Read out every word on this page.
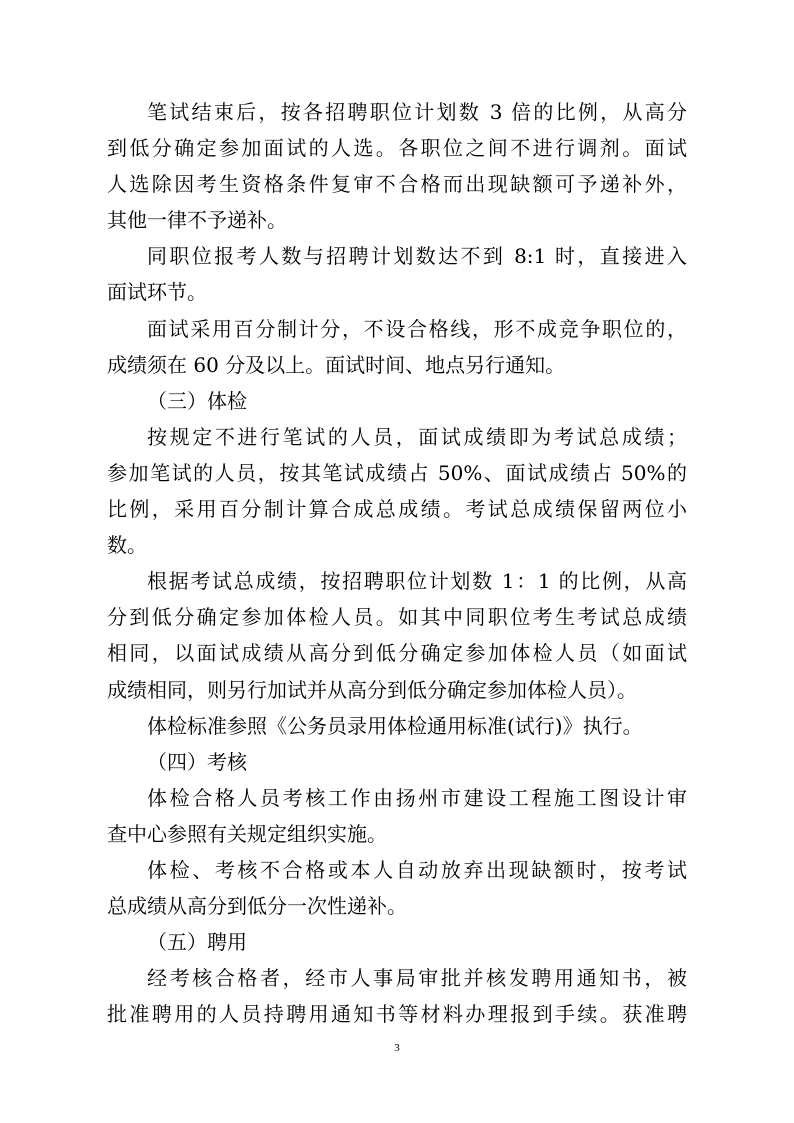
笔试结束后，按各招聘职位计划数 3 倍的比例，从高分
到低分确定参加面试的人选。各职位之间不进行调剂。面试
人选除因考生资格条件复审不合格而出现缺额可予递补外，
其他一律不予递补。
同职位报考人数与招聘计划数达不到 8:1 时，直接进入
面试环节。
面试采用百分制计分，不设合格线，形不成竞争职位的，
成绩须在 60 分及以上。面试时间、地点另行通知。
（三）体检
按规定不进行笔试的人员，面试成绩即为考试总成绩；
参加笔试的人员，按其笔试成绩占 50%、面试成绩占 50%的
比例，采用百分制计算合成总成绩。考试总成绩保留两位小
数。
根据考试总成绩，按招聘职位计划数 1：1 的比例，从高
分到低分确定参加体检人员。如其中同职位考生考试总成绩
相同，以面试成绩从高分到低分确定参加体检人员（如面试
成绩相同，则另行加试并从高分到低分确定参加体检人员）。
体检标准参照《公务员录用体检通用标准(试行)》执行。
（四）考核
体检合格人员考核工作由扬州市建设工程施工图设计审
查中心参照有关规定组织实施。
体检、考核不合格或本人自动放弃出现缺额时，按考试
总成绩从高分到低分一次性递补。
（五）聘用
经考核合格者，经市人事局审批并核发聘用通知书，被
批准聘用的人员持聘用通知书等材料办理报到手续。获准聘
3
